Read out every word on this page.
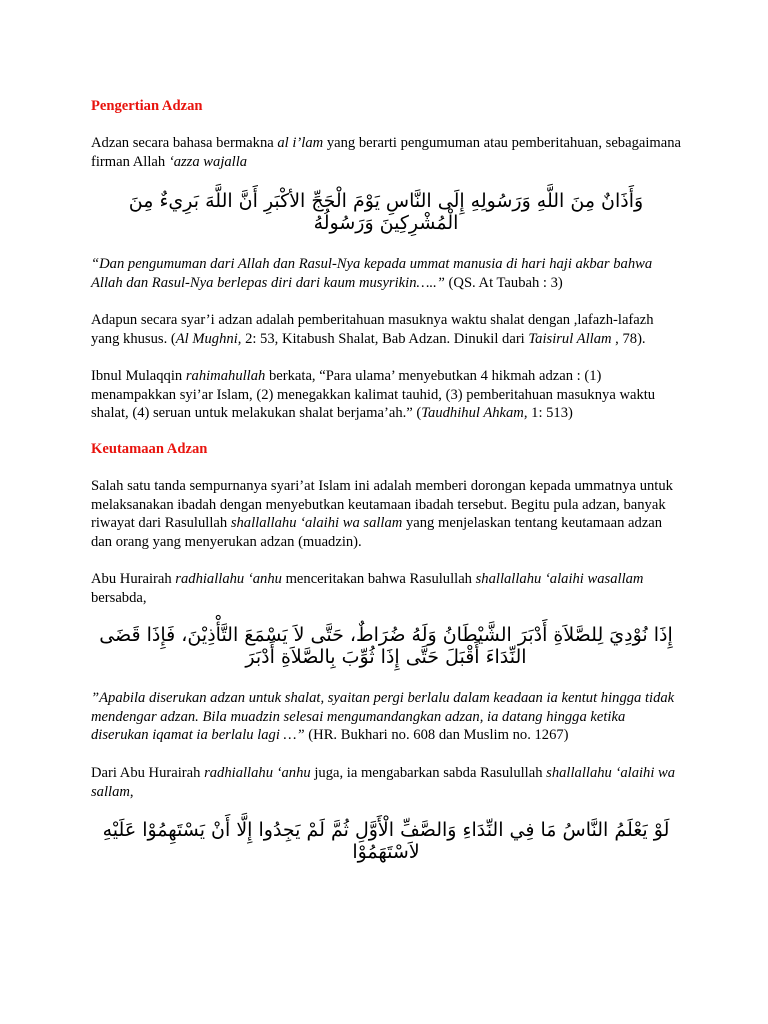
Pengertian Adzan

Adzan secara bahasa bermakna al i’lam yang berarti pengumuman atau pemberitahuan, sebagaimana firman Allah ‘azza wajalla

وَأَذَانٌ مِنَ اللَّهِ وَرَسُولِهِ إِلَى النَّاسِ يَوْمَ الْحَجِّ الأكْبَرِ أَنَّ اللَّهَ بَرِيءٌ مِنَ الْمُشْرِكِينَ وَرَسُولُهُ

“Dan pengumuman dari Allah dan Rasul-Nya kepada ummat manusia di hari haji akbar bahwa Allah dan Rasul-Nya berlepas diri dari kaum musyrikin…..” (QS. At Taubah : 3)

Adapun secara syar’i adzan adalah pemberitahuan masuknya waktu shalat dengan ,lafazh-lafazh yang khusus. (Al Mughni, 2: 53, Kitabush Shalat, Bab Adzan. Dinukil dari Taisirul Allam , 78).

Ibnul Mulaqqin rahimahullah berkata, “Para ulama’ menyebutkan 4 hikmah adzan : (1) menampakkan syi’ar Islam, (2) menegakkan kalimat tauhid, (3) pemberitahuan masuknya waktu shalat, (4) seruan untuk melakukan shalat berjama’ah.” (Taudhihul Ahkam, 1: 513)

Keutamaan Adzan

Salah satu tanda sempurnanya syari’at Islam ini adalah memberi dorongan kepada ummatnya untuk melaksanakan ibadah dengan menyebutkan keutamaan ibadah tersebut. Begitu pula adzan, banyak riwayat dari Rasulullah shallallahu ‘alaihi wa sallam yang menjelaskan tentang keutamaan adzan dan orang yang menyerukan adzan (muadzin).

Abu Hurairah radhiallahu ‘anhu menceritakan bahwa Rasulullah shallallahu ‘alaihi wasallam bersabda,

إِذَا نُوْدِيَ لِلصَّلاَةِ أَدْبَرَ الشَّيْطَانُ وَلَهُ ضُرَاطٌ، حَتَّى لاَ يَسْمَعَ التَّأْذِيْنَ، فَإِذَا قَضَى النِّدَاءَ أَقْبَلَ حَتَّى إِذَا ثُوِّبَ بِالصَّلاَةِ أَدْبَرَ

”Apabila diserukan adzan untuk shalat, syaitan pergi berlalu dalam keadaan ia kentut hingga tidak mendengar adzan. Bila muadzin selesai mengumandangkan adzan, ia datang hingga ketika diserukan iqamat ia berlalu lagi …” (HR. Bukhari no. 608 dan Muslim no. 1267)

Dari Abu Hurairah radhiallahu ‘anhu juga, ia mengabarkan sabda Rasulullah shallallahu ‘alaihi wa sallam,

لَوْ يَعْلَمُ النَّاسُ مَا فِي النِّدَاءِ وَالصَّفِّ الْأَوَّلِ ثُمَّ لَمْ يَجِدُوا إِلَّا أَنْ يَسْتَهِمُوْا عَلَيْهِ لاَسْتَهَمُوْا
